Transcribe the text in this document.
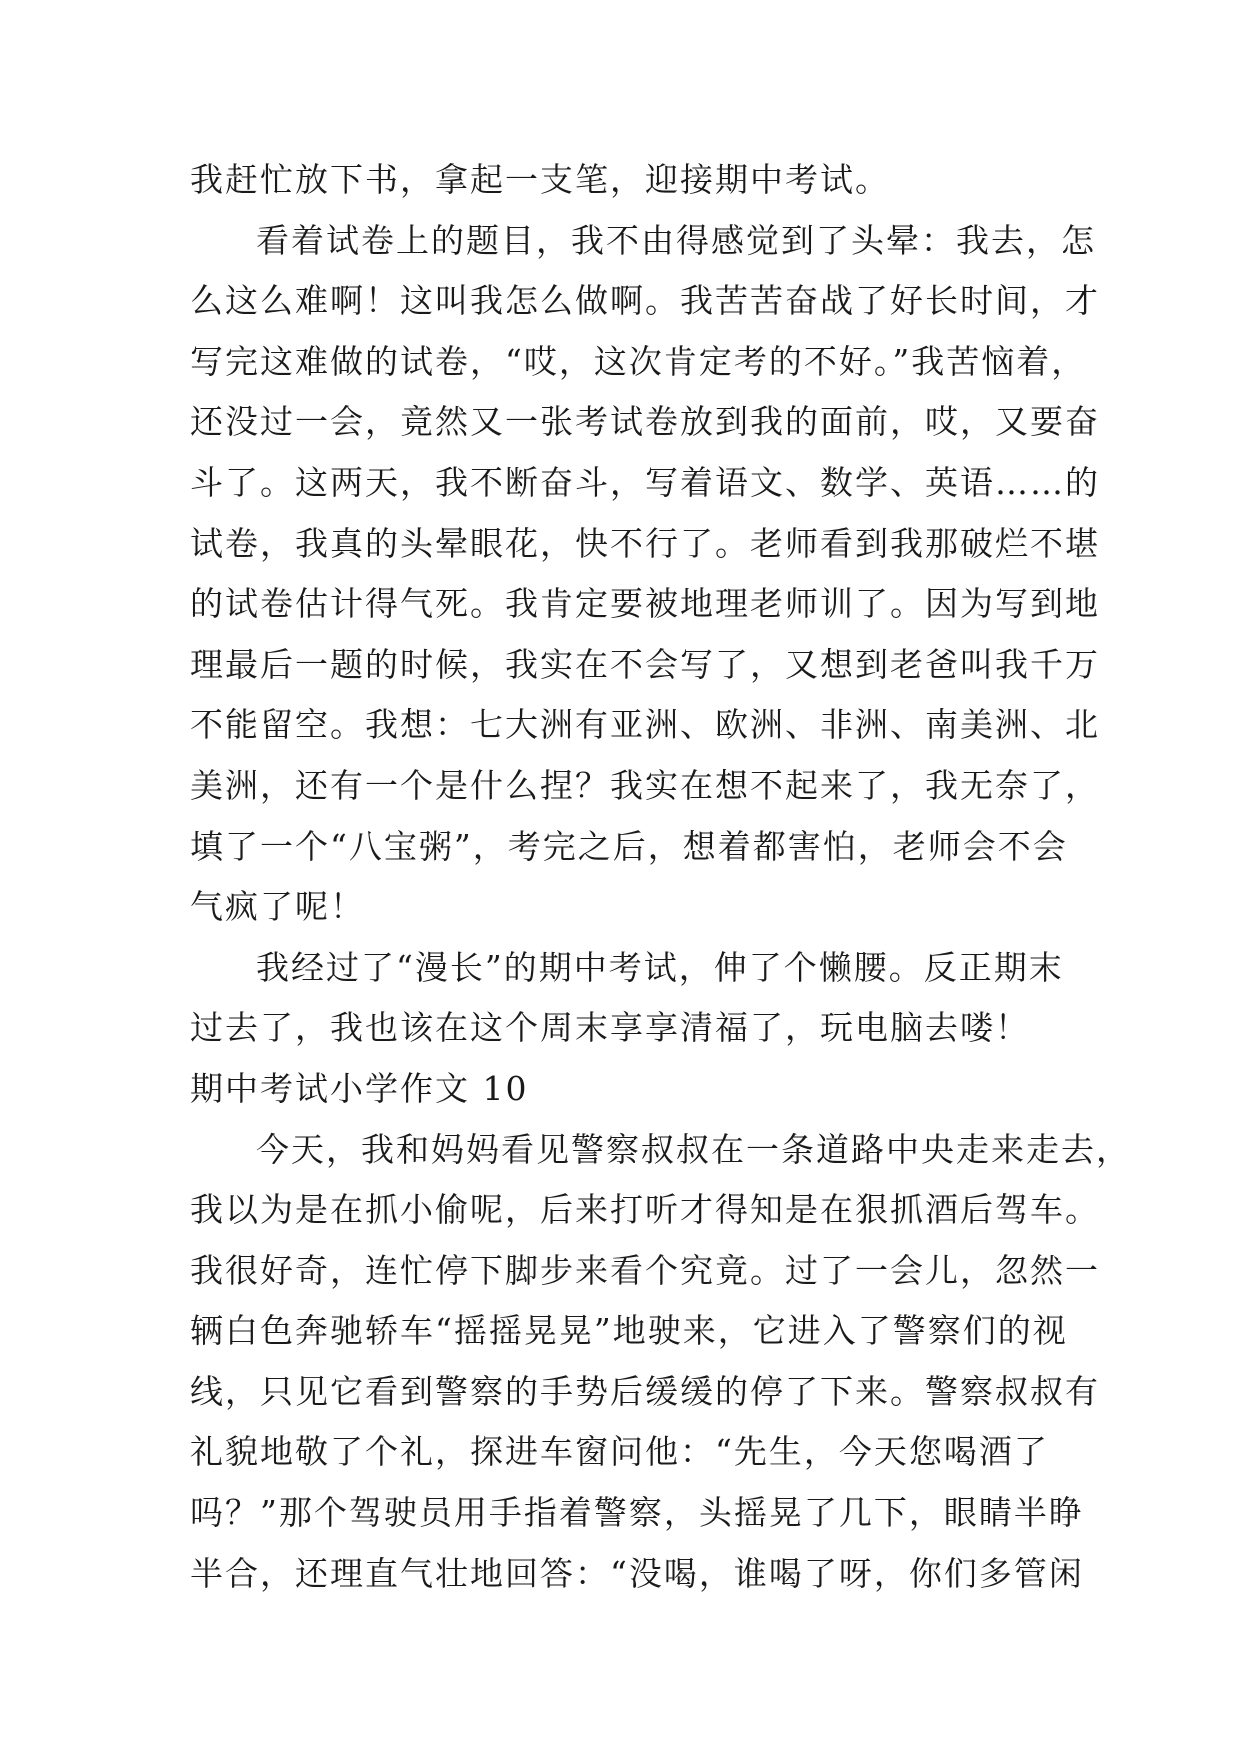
我赶忙放下书，拿起一支笔，迎接期中考试。
看着试卷上的题目，我不由得感觉到了头晕：我去，怎
么这么难啊！这叫我怎么做啊。我苦苦奋战了好长时间，才
写完这难做的试卷，“哎，这次肯定考的不好。”我苦恼着，
还没过一会，竟然又一张考试卷放到我的面前，哎，又要奋
斗了。这两天，我不断奋斗，写着语文、数学、英语……的
试卷，我真的头晕眼花，快不行了。老师看到我那破烂不堪
的试卷估计得气死。我肯定要被地理老师训了。因为写到地
理最后一题的时候，我实在不会写了，又想到老爸叫我千万
不能留空。我想：七大洲有亚洲、欧洲、非洲、南美洲、北
美洲，还有一个是什么捏？我实在想不起来了，我无奈了，
填了一个“八宝粥”，考完之后，想着都害怕，老师会不会
气疯了呢！
我经过了“漫长”的期中考试，伸了个懒腰。反正期末
过去了，我也该在这个周末享享清福了，玩电脑去喽！
期中考试小学作文 10
今天，我和妈妈看见警察叔叔在一条道路中央走来走去，
我以为是在抓小偷呢，后来打听才得知是在狠抓酒后驾车。
我很好奇，连忙停下脚步来看个究竟。过了一会儿，忽然一
辆白色奔驰轿车“摇摇晃晃”地驶来，它进入了警察们的视
线，只见它看到警察的手势后缓缓的停了下来。警察叔叔有
礼貌地敬了个礼，探进车窗问他：“先生，今天您喝酒了
吗？”那个驾驶员用手指着警察，头摇晃了几下，眼睛半睁
半合，还理直气壮地回答：“没喝，谁喝了呀，你们多管闲
